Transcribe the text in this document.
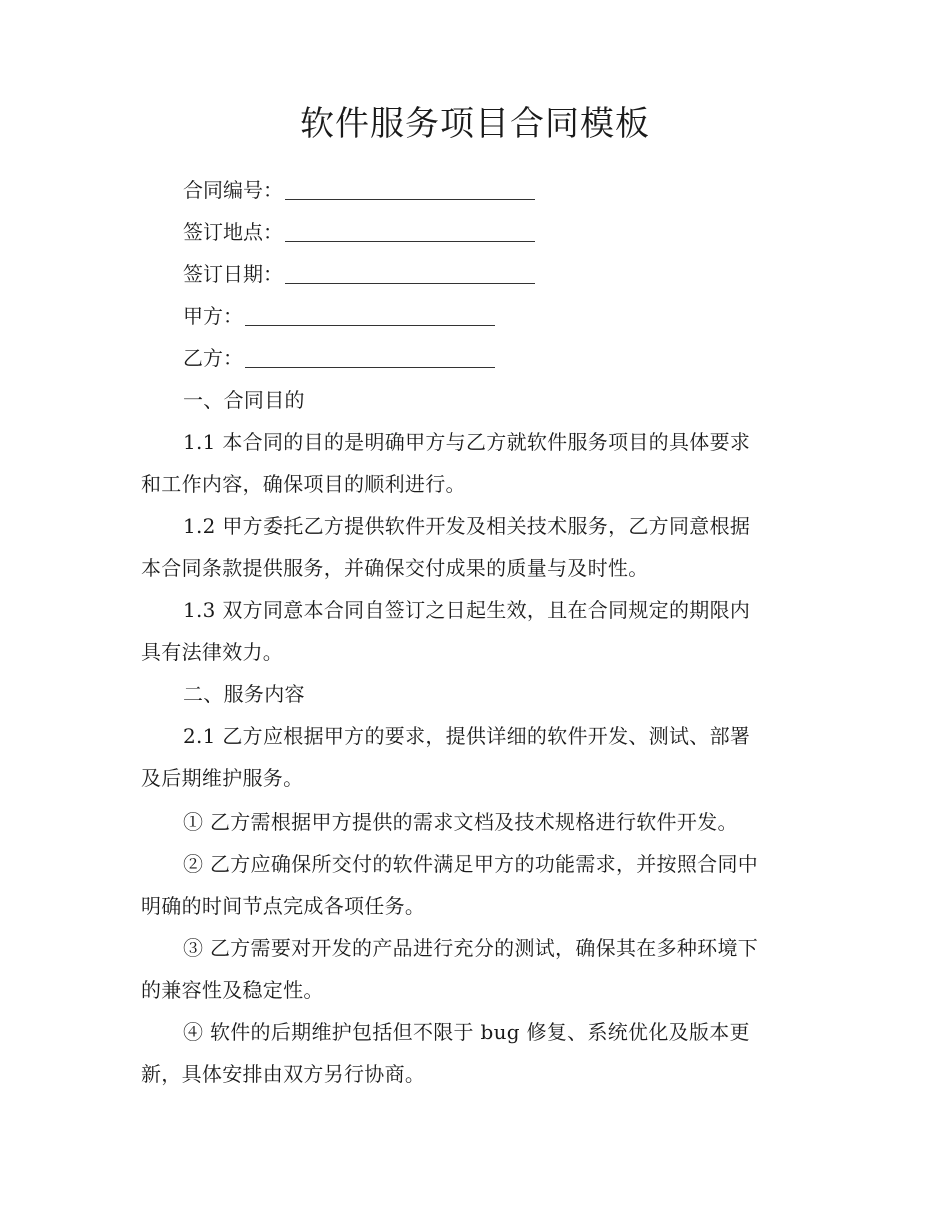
软件服务项目合同模板
合同编号：
签订地点：
签订日期：
甲方：
乙方：
一、合同目的
1.1 本合同的目的是明确甲方与乙方就软件服务项目的具体要求
和工作内容，确保项目的顺利进行。
1.2 甲方委托乙方提供软件开发及相关技术服务，乙方同意根据
本合同条款提供服务，并确保交付成果的质量与及时性。
1.3 双方同意本合同自签订之日起生效，且在合同规定的期限内
具有法律效力。
二、服务内容
2.1 乙方应根据甲方的要求，提供详细的软件开发、测试、部署
及后期维护服务。
① 乙方需根据甲方提供的需求文档及技术规格进行软件开发。
② 乙方应确保所交付的软件满足甲方的功能需求，并按照合同中
明确的时间节点完成各项任务。
③ 乙方需要对开发的产品进行充分的测试，确保其在多种环境下
的兼容性及稳定性。
④ 软件的后期维护包括但不限于 bug 修复、系统优化及版本更
新，具体安排由双方另行协商。
